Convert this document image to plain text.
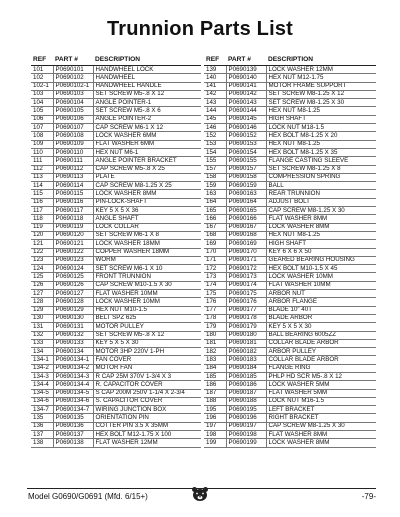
Trunnion Parts List
REF	PART #	DESCRIPTION
101	P0690101	HANDWHEEL LOCK
102	P0690102	HANDWHEEL
102-1	P0690102-1	HANDWHEEL HANDLE
103	P0690103	SET SCREW M5-.8 X 12
104	P0690104	ANGLE POINTER-1
105	P0690105	SET SCREW M5-.8 X 6
106	P0690106	ANGLE POINTER-2
107	P0690107	CAP SCREW M6-1 X 12
108	P0690108	LOCK WASHER 6MM
109	P0690109	FLAT WASHER 6MM
110	P0690110	HEX NUT M6-1
111	P0690111	ANGLE POINTER BRACKET
112	P0690112	CAP SCREW M5-.8 X 25
113	P0690113	PLATE
114	P0690114	CAP SCREW M8-1.25 X 25
115	P0690115	LOCK WASHER 8MM
116	P0690116	PIN-LOCK-SHAFT
117	P0690117	KEY 5 X 5 X 36
118	P0690118	ANGLE SHAFT
119	P0690119	LOCK COLLAR
120	P0690120	SET SCREW M6-1 X 8
121	P0690121	LOCK WASHER 18MM
122	P0690122	COPPER WASHER 18MM
123	P0690123	WORM
124	P0690124	SET SCREW M6-1 X 10
125	P0690125	FRONT TRUNNION
126	P0690126	CAP SCREW M10-1.5 X 30
127	P0690127	FLAT WASHER 10MM
128	P0690128	LOCK WASHER 10MM
129	P0690129	HEX NUT M10-1.5
130	P0690130	BELT SPZ 625
131	P0690131	MOTOR PULLEY
132	P0690132	SET SCREW M5-.8 X 12
133	P0690133	KEY 5 X 5 X 30
134	P0690134	MOTOR 3HP 220V 1-PH
134-1	P0690134-1	FAN COVER
134-2	P0690134-2	MOTOR FAN
134-3	P0690134-3	R CAP 25M 370V 1-3/4 X 3
134-4	P0690134-4	R. CAPACITOR COVER
134-5	P0690134-5	S CAP 200M 250V 1-1/4 X 2-3/4
134-6	P0690134-6	S. CAPACITOR COVER
134-7	P0690134-7	WIRING JUNCTION BOX
135	P0690135	ORIENTATION PIN
136	P0690136	COTTER PIN 3.5 X 35MM
137	P0690137	HEX BOLT M12-1.75 X 100
138	P0690138	FLAT WASHER 12MM
REF	PART #	DESCRIPTION
139	P0690139	LOCK WASHER 12MM
140	P0690140	HEX NUT M12-1.75
141	P0690141	MOTOR FRAME SUPPORT
142	P0690142	SET SCREW M8-1.25 X 12
143	P0690143	SET SCREW M8-1.25 X 30
144	P0690144	HEX NUT M8-1.25
145	P0690145	HIGH SHAFT
146	P0690146	LOCK NUT M18-1.5
152	P0690152	HEX BOLT M8-1.25 X 20
153	P0690153	HEX NUT M8-1.25
154	P0690154	HEX BOLT M8-1.25 X 35
155	P0690155	FLANGE CASTING SLEEVE
157	P0690157	SET SCREW M8-1.25 X 8
158	P0690158	COMPRESSION SPRING
159	P0690159	BALL
163	P0690163	REAR TRUNNION
164	P0690164	ADJUST BOLT
165	P0690165	CAP SCREW M8-1.25 X 30
166	P0690166	FLAT WASHER 8MM
167	P0690167	LOCK WASHER 8MM
168	P0690168	HEX NUT M8-1.25
169	P0690169	HIGH SHAFT
170	P0690170	KEY 6 X 6 X 50
171	P0690171	GEARED BEARING HOUSING
172	P0690172	HEX BOLT M10-1.5 X 45
173	P0690173	LOCK WASHER 10MM
174	P0690174	FLAT WASHER 10MM
175	P0690175	ARBOR NUT
176	P0690176	ARBOR FLANGE
177	P0690177	BLADE 10" 40T
178	P0690178	BLADE ARBOR
179	P0690179	KEY 5 X 5 X 30
180	P0690180	BALL BEARING 6005ZZ
181	P0690181	COLLAR BLADE ARBOR
182	P0690182	ARBOR PULLEY
183	P0690183	COLLAR BLADE ARBOR
184	P0690184	FLANGE RING
185	P0690185	PHLP HD SCR M5-.8 X 12
186	P0690186	LOCK WASHER 5MM
187	P0690187	FLAT WASHER 5MM
188	P0690188	LOCK NUT M16-1.5
195	P0690195	LEFT BRACKET
196	P0690196	RIGHT BRACKET
197	P0690197	CAP SCREW M8-1.25 X 30
198	P0690198	FLAT WASHER 8MM
199	P0690199	LOCK WASHER 8MM
Model G0690/G0691 (Mfd. 6/15+)	-79-
